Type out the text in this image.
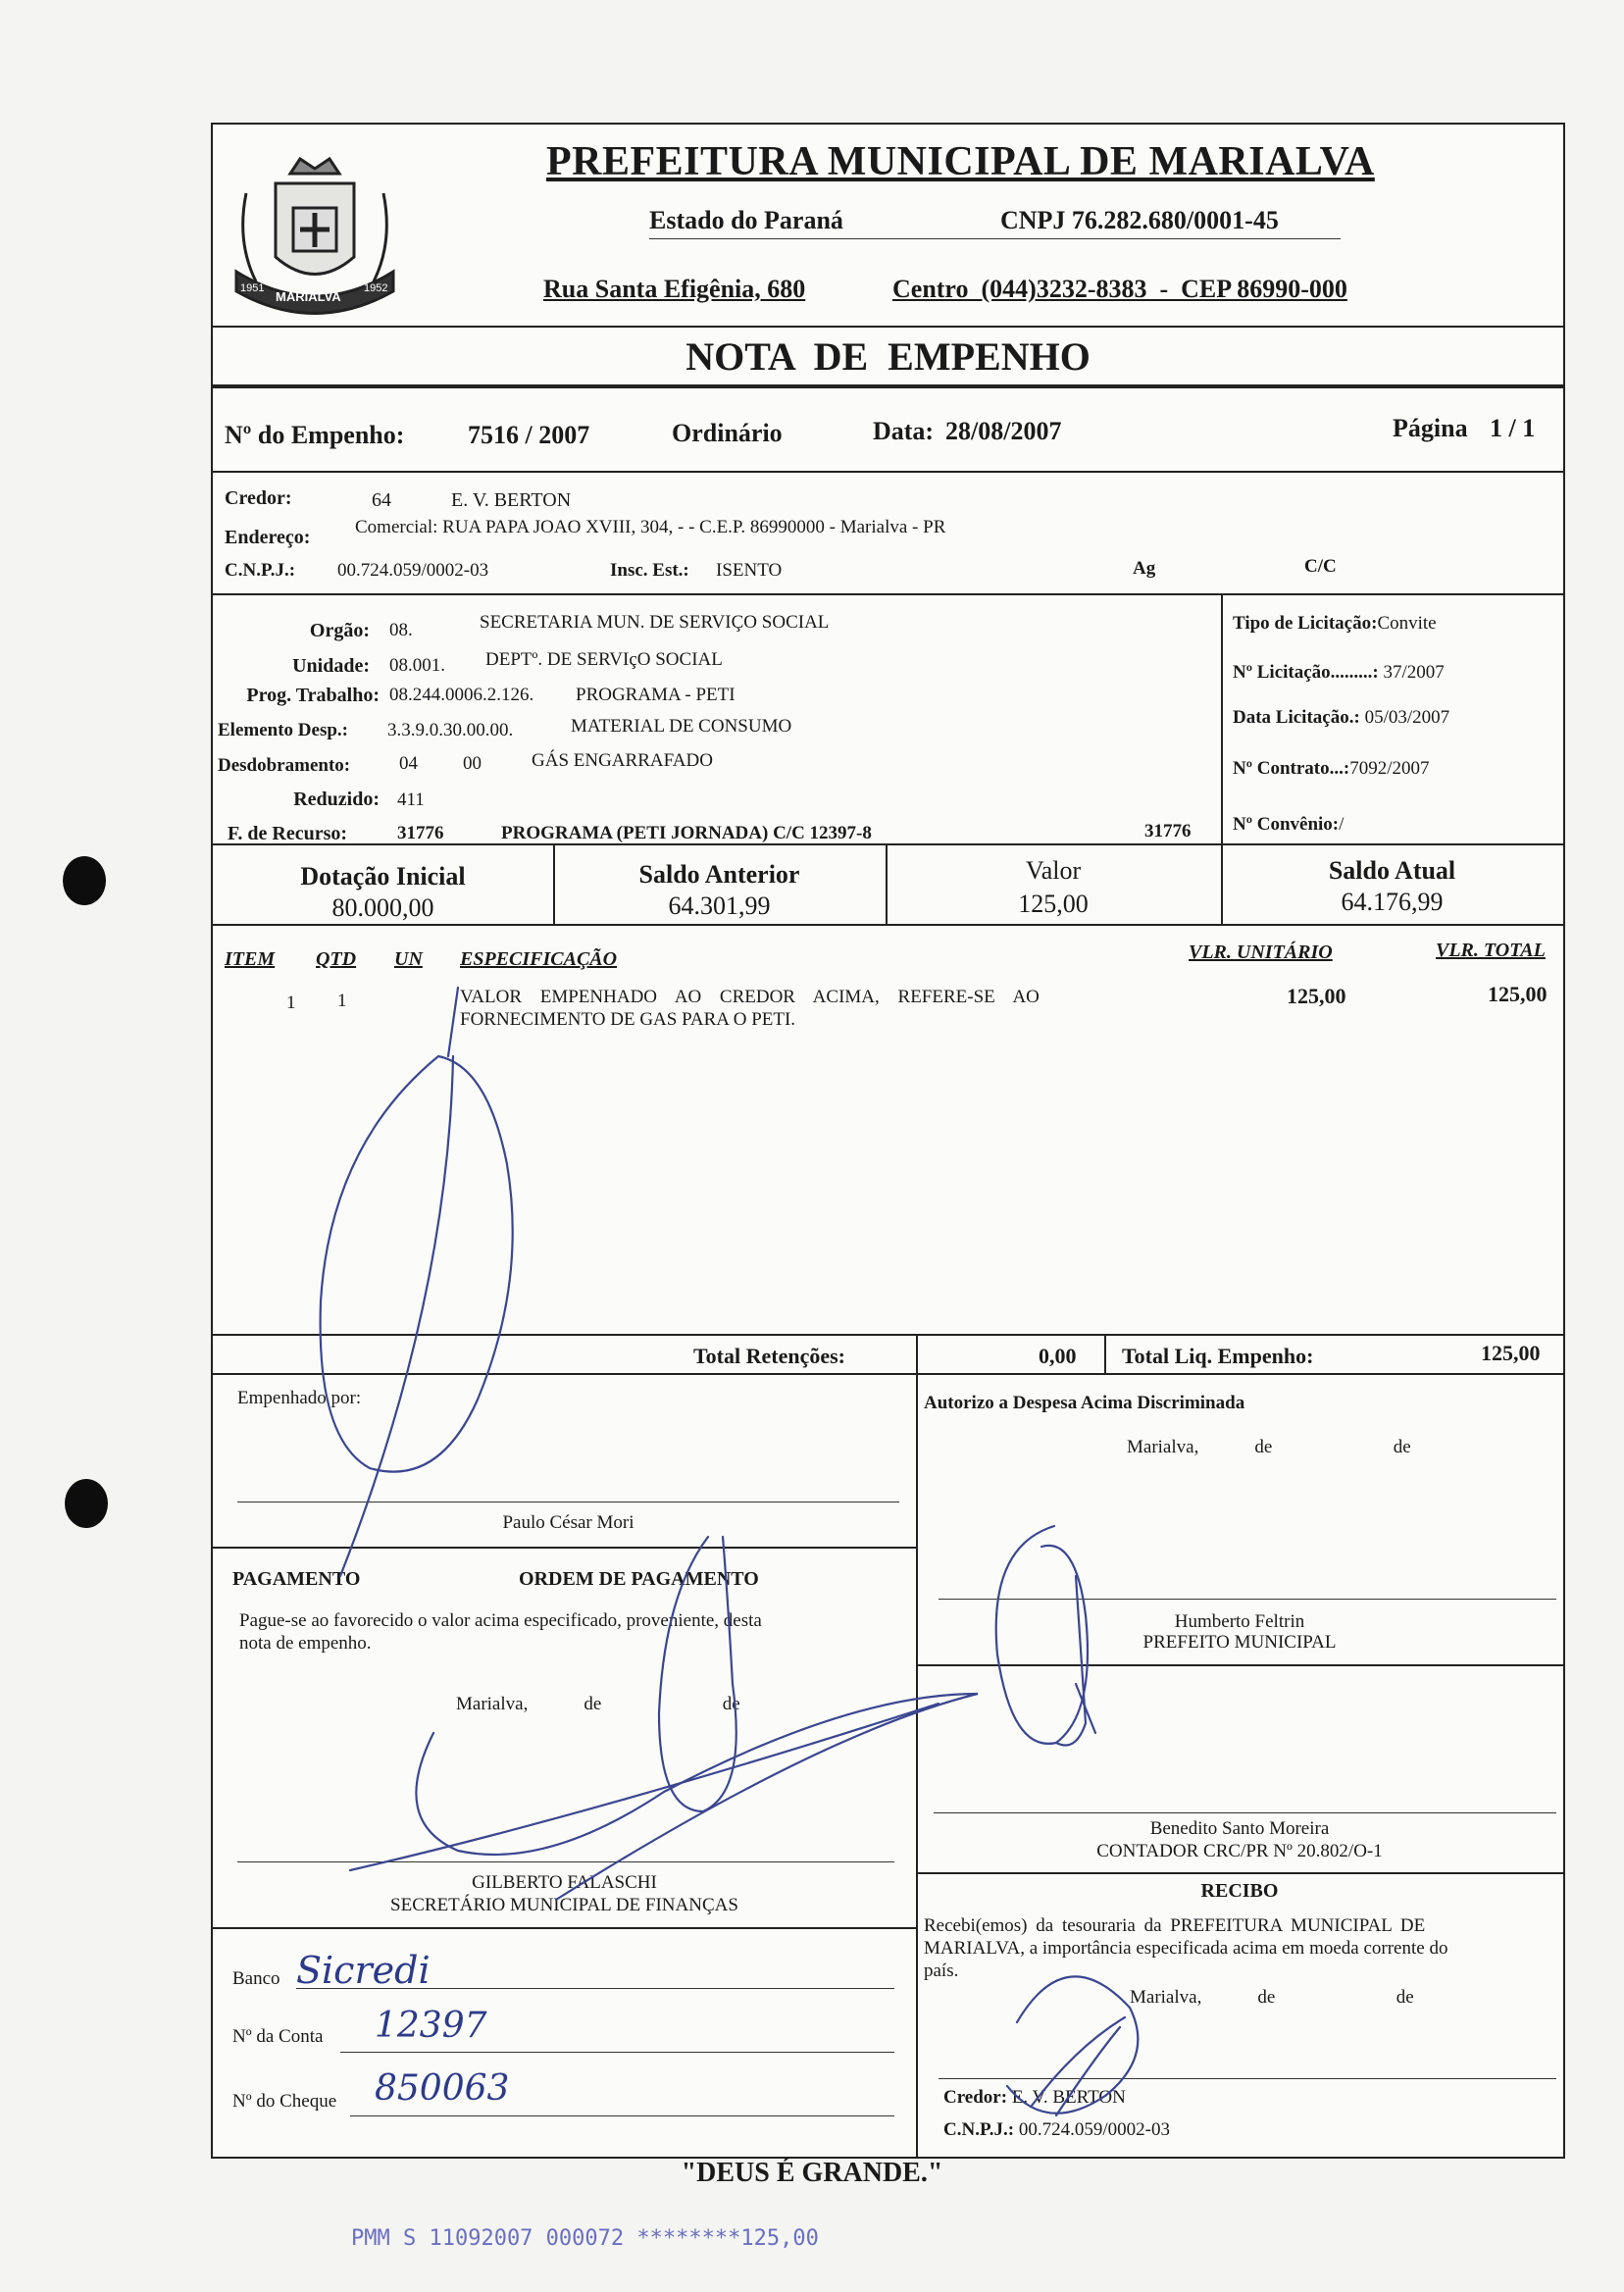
MARIALVA
1951	1952
PREFEITURA MUNICIPAL DE MARIALVA
Estado do Paraná	CNPJ 76.282.680/0001-45
Rua Santa Efigênia, 680	Centro  (044)3232-8383  -  CEP 86990-000
NOTA  DE  EMPENHO
Nº do Empenho: 7516 / 2007	Ordinário	Data: 28/08/2007	Página 1 / 1
Credor:	64	E. V. BERTON
Endereço: Comercial: RUA PAPA JOAO XVIII, 304, - - C.E.P. 86990000 - Marialva - PR
C.N.P.J.: 00.724.059/0002-03	Insc. Est.: ISENTO	Ag	C/C
Orgão: 08.	SECRETARIA MUN. DE SERVIÇO SOCIAL
Unidade: 08.001. DEPTº. DE SERVIçO SOCIAL
Prog. Trabalho: 08.244.0006.2.126. PROGRAMA - PETI
Elemento Desp.: 3.3.9.0.30.00.00.	MATERIAL DE CONSUMO
Desdobramento:	04 00	GÁS ENGARRAFADO
Reduzido: 411
F. de Recurso:	31776	PROGRAMA (PETI JORNADA) C/C 12397-8	31776
Tipo de Licitação:Convite
Nº Licitação.........: 37/2007
Data Licitação.: 05/03/2007
Nº Contrato...:7092/2007
Nº Convênio:/
Dotação Inicial
80.000,00
Saldo Anterior
64.301,99
Valor
125,00
Saldo Atual
64.176,99
ITEM QTD UN ESPECIFICAÇÃO	VLR. UNITÁRIO	VLR. TOTAL
1 1	VALOR EMPENHADO AO CREDOR ACIMA, REFERE-SE AO
FORNECIMENTO DE GAS PARA O PETI.
125,00	125,00
Total Retenções:	0,00 Total Liq. Empenho:	125,00
Empenhado por:
Paulo César Mori
PAGAMENTO	ORDEM DE PAGAMENTO
Pague-se ao favorecido o valor acima especificado, proveniente, desta
nota de empenho.
Marialva,            de                          de
GILBERTO FALASCHI
SECRETÁRIO MUNICIPAL DE FINANÇAS
Banco Sicredi
Nº da Conta 12397
Nº do Cheque 850063
Autorizo a Despesa Acima Discriminada
Marialva,            de                          de
Humberto Feltrin
PREFEITO MUNICIPAL
Benedito Santo Moreira
CONTADOR CRC/PR Nº 20.802/O-1
RECIBO
Recebi(emos) da tesouraria da PREFEITURA MUNICIPAL DE
MARIALVA, a importância especificada acima em moeda corrente do
país.
Marialva,            de                          de
Credor: E. V. BERTON
C.N.P.J.: 00.724.059/0002-03
"DEUS É GRANDE."
PMM S 11092007 000072 ********125,00
